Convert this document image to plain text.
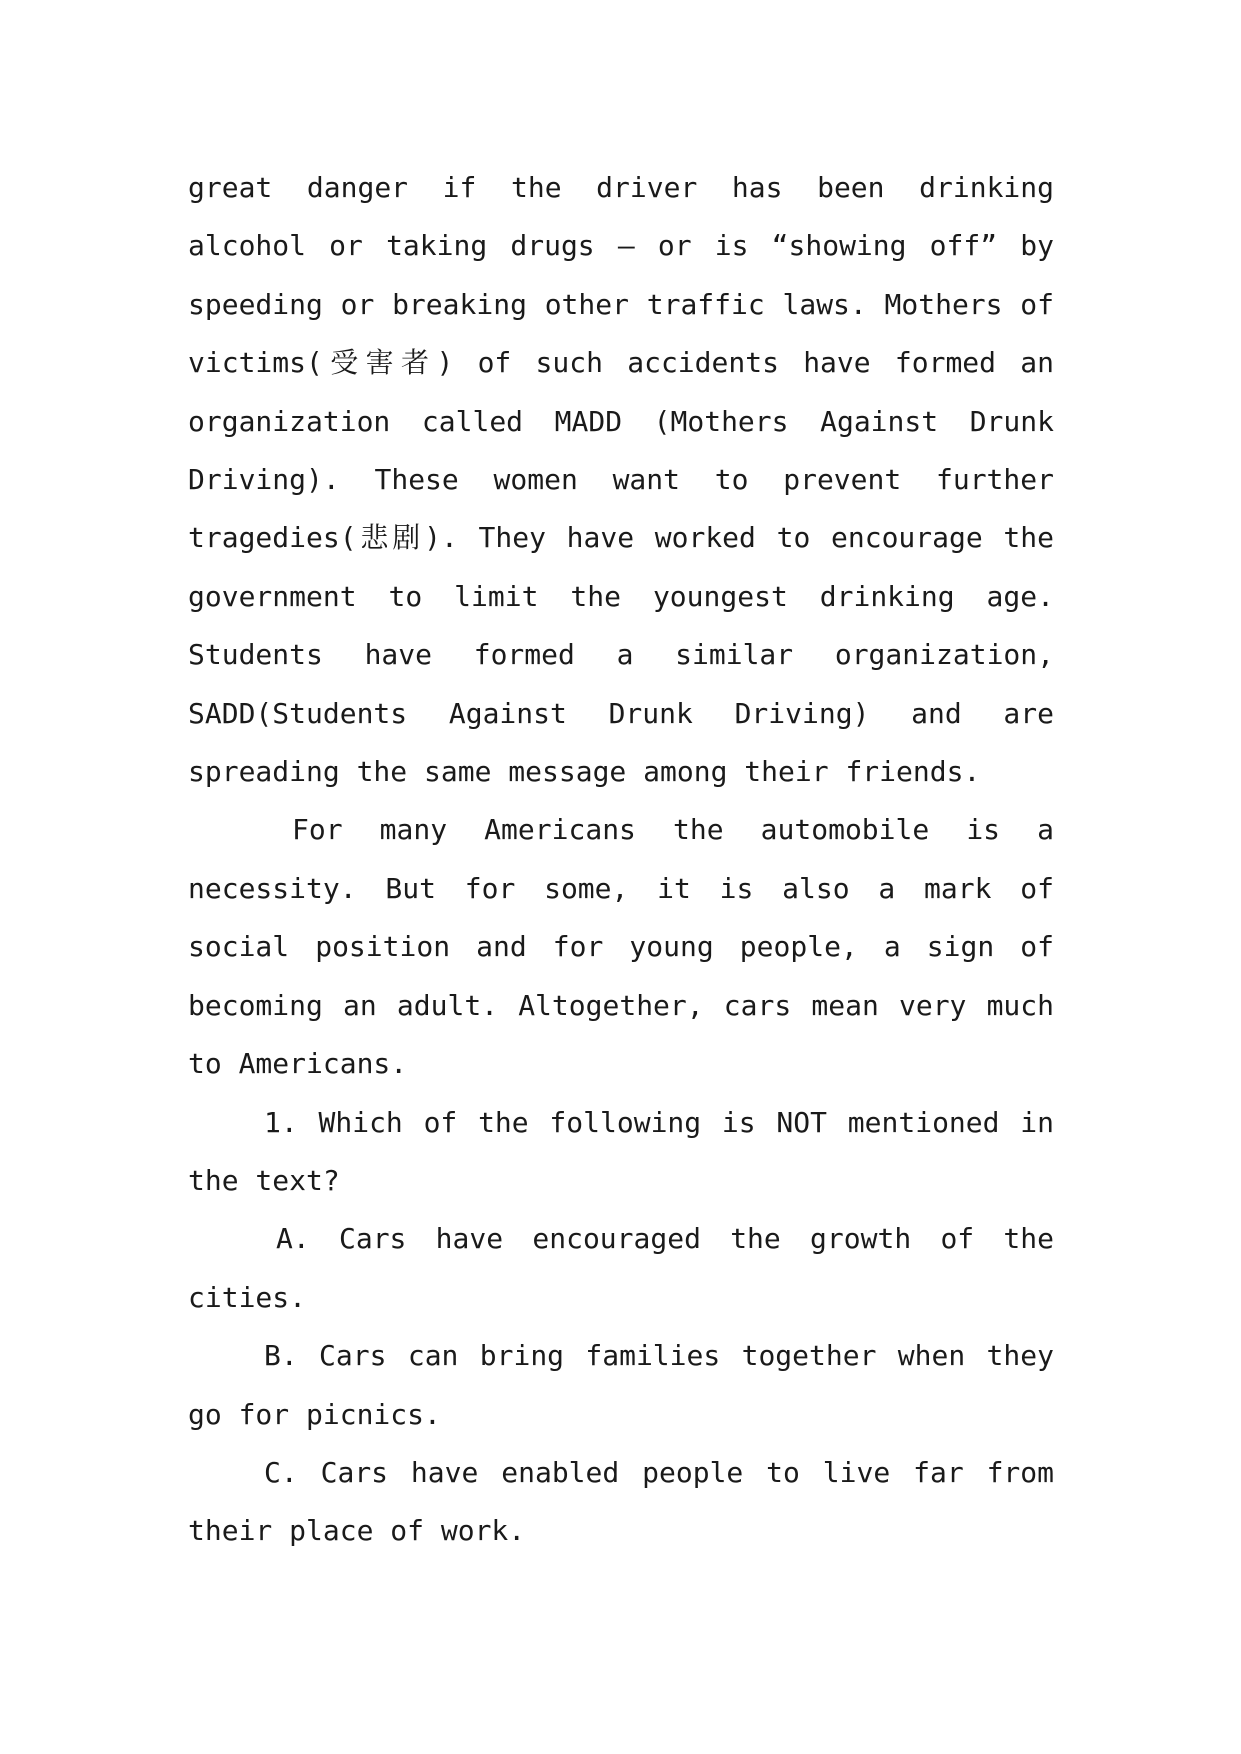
great danger if the driver has been drinking alcohol or taking drugs — or is “showing off” by speeding or breaking other traffic laws. Mothers of victims(受害者) of such accidents have formed an organization called MADD (Mothers Against Drunk Driving). These women want to prevent further tragedies(悲剧). They have worked to encourage the government to limit the youngest drinking age. Students have formed a similar organization, SADD(Students Against Drunk Driving) and are spreading the same message among their friends.

For many Americans the automobile is a necessity. But for some, it is also a mark of social position and for young people, a sign of becoming an adult. Altogether, cars mean very much to Americans.

1. Which of the following is NOT mentioned in the text?

A. Cars have encouraged the growth of the cities.

B. Cars can bring families together when they go for picnics.

C. Cars have enabled people to live far from their place of work.
